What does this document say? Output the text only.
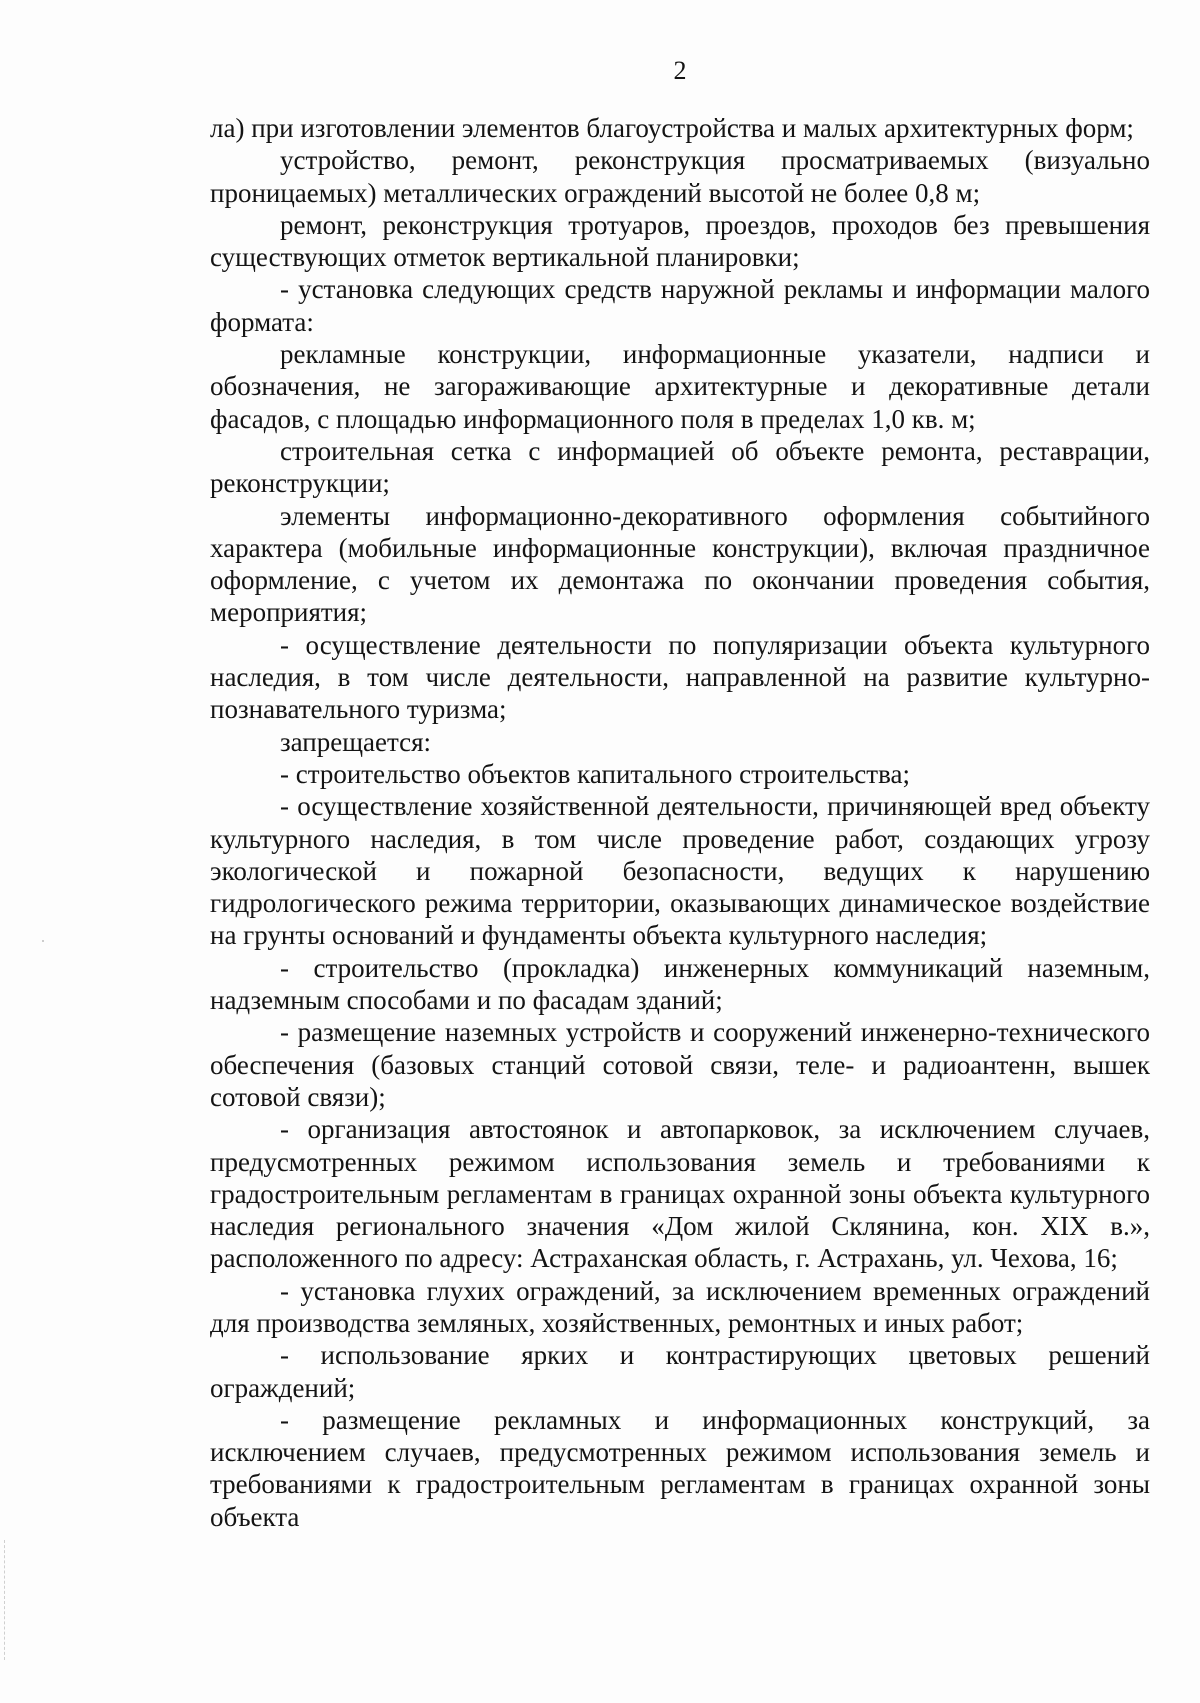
2

ла) при изготовлении элементов благоустройства и малых архитектурных форм;

устройство, ремонт, реконструкция просматриваемых (визуально проницаемых) металлических ограждений высотой не более 0,8 м;

ремонт, реконструкция тротуаров, проездов, проходов без превышения существующих отметок вертикальной планировки;

- установка следующих средств наружной рекламы и информации малого формата:

рекламные конструкции, информационные указатели, надписи и обозначения, не загораживающие архитектурные и декоративные детали фасадов, с площадью информационного поля в пределах 1,0 кв. м;

строительная сетка с информацией об объекте ремонта, реставрации, реконструкции;

элементы информационно-декоративного оформления событийного характера (мобильные информационные конструкции), включая праздничное оформление, с учетом их демонтажа по окончании проведения события, мероприятия;

- осуществление деятельности по популяризации объекта культурного наследия, в том числе деятельности, направленной на развитие культурно-познавательного туризма;

запрещается:

- строительство объектов капитального строительства;

- осуществление хозяйственной деятельности, причиняющей вред объекту культурного наследия, в том числе проведение работ, создающих угрозу экологической и пожарной безопасности, ведущих к нарушению гидрологического режима территории, оказывающих динамическое воздействие на грунты оснований и фундаменты объекта культурного наследия;

- строительство (прокладка) инженерных коммуникаций наземным, надземным способами и по фасадам зданий;

- размещение наземных устройств и сооружений инженерно-технического обеспечения (базовых станций сотовой связи, теле- и радиоантенн, вышек сотовой связи);

- организация автостоянок и автопарковок, за исключением случаев, предусмотренных режимом использования земель и требованиями к градостроительным регламентам в границах охранной зоны объекта культурного наследия регионального значения «Дом жилой Склянина, кон. XIX в.», расположенного по адресу: Астраханская область, г. Астрахань, ул. Чехова, 16;

- установка глухих ограждений, за исключением временных ограждений для производства земляных, хозяйственных, ремонтных и иных работ;

- использование ярких и контрастирующих цветовых решений ограждений;

- размещение рекламных и информационных конструкций, за исключением случаев, предусмотренных режимом использования земель и требованиями к градостроительным регламентам в границах охранной зоны объекта
